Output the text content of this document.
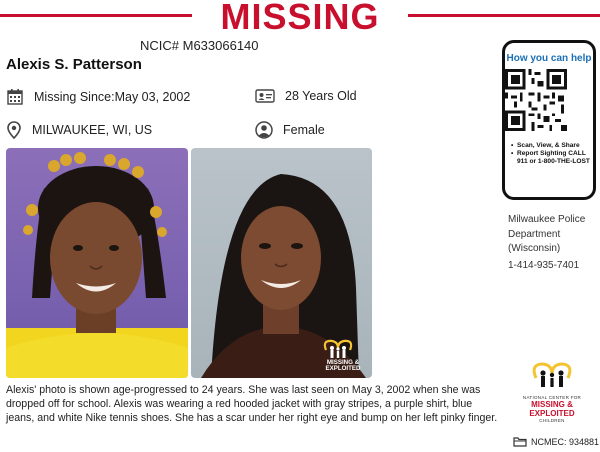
MISSING
NCIC# M633066140
Alexis S. Patterson
Missing Since:May 03, 2002	28 Years Old
MILWAUKEE, WI, US	Female
MISSING &
EXPLOITED
How you can help
• Scan, View, & Share
• Report Sighting CALL 911 or 1-800-THE-LOST
Milwaukee Police Department (Wisconsin)
1-414-935-7401
Alexis' photo is shown age-progressed to 24 years. She was last seen on May 3, 2002 when she was dropped off for school. Alexis was wearing a red hooded jacket with gray stripes, a purple shirt, blue jeans, and white Nike tennis shoes. She has a scar under her right eye and bump on her left pinky finger.
NATIONAL CENTER FOR
MISSING &
EXPLOITED
CHILDREN
NCMEC: 934881
